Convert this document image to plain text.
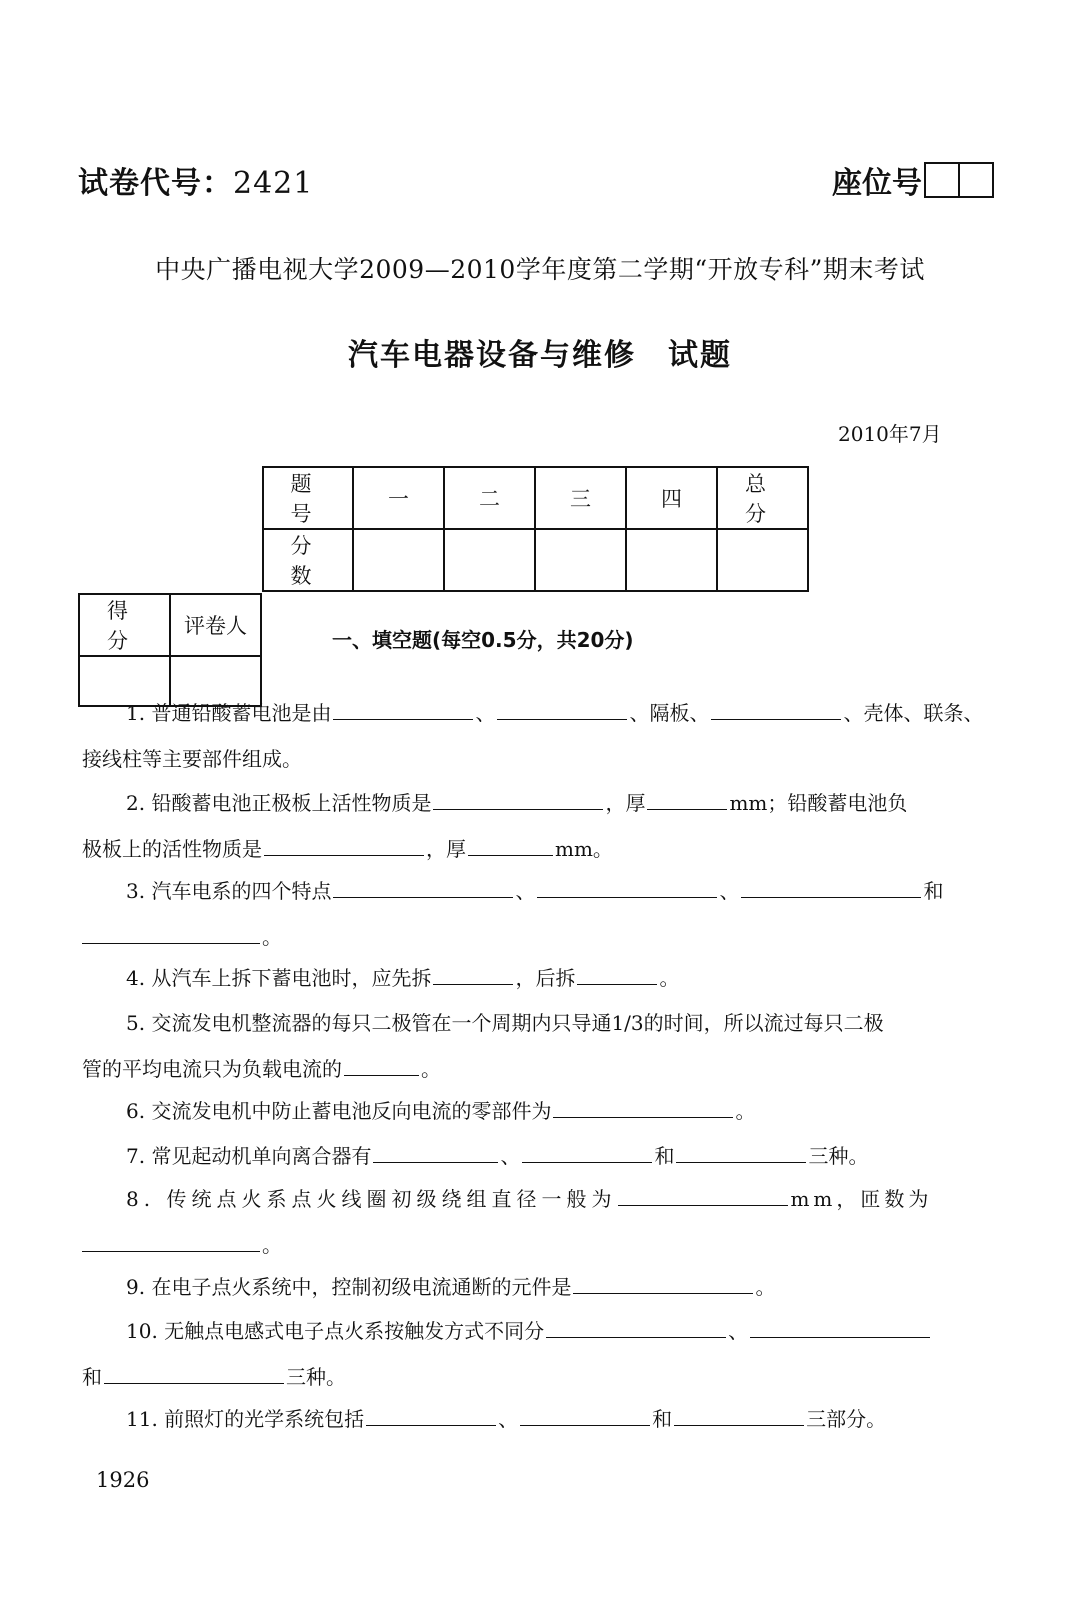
试卷代号：2421	座位号
中央广播电视大学2009—2010学年度第二学期“开放专科”期末考试
汽车电器设备与维修　试题
2010年7月
题　号	一	二	三	四	总　分
分　数					
得　分	评卷人

一、填空题(每空0.5分，共20分)
1. 普通铅酸蓄电池是由	、	、隔板、	、壳体、联条、
接线柱等主要部件组成。
2. 铅酸蓄电池正极板上活性物质是	，厚	mm；铅酸蓄电池负
极板上的活性物质是	，厚	mm。
3. 汽车电系的四个特点	、	、	和
。
4. 从汽车上拆下蓄电池时，应先拆	，后拆	。
5. 交流发电机整流器的每只二极管在一个周期内只导通1/3的时间，所以流过每只二极
管的平均电流只为负载电流的	。
6. 交流发电机中防止蓄电池反向电流的零部件为	。
7. 常见起动机单向离合器有	、	和	三种。
8. 传统点火系点火线圈初级绕组直径一般为	mm，匝数为
。
9. 在电子点火系统中，控制初级电流通断的元件是	。
10. 无触点电感式电子点火系按触发方式不同分	、
和	三种。
11. 前照灯的光学系统包括	、	和	三部分。
1926
